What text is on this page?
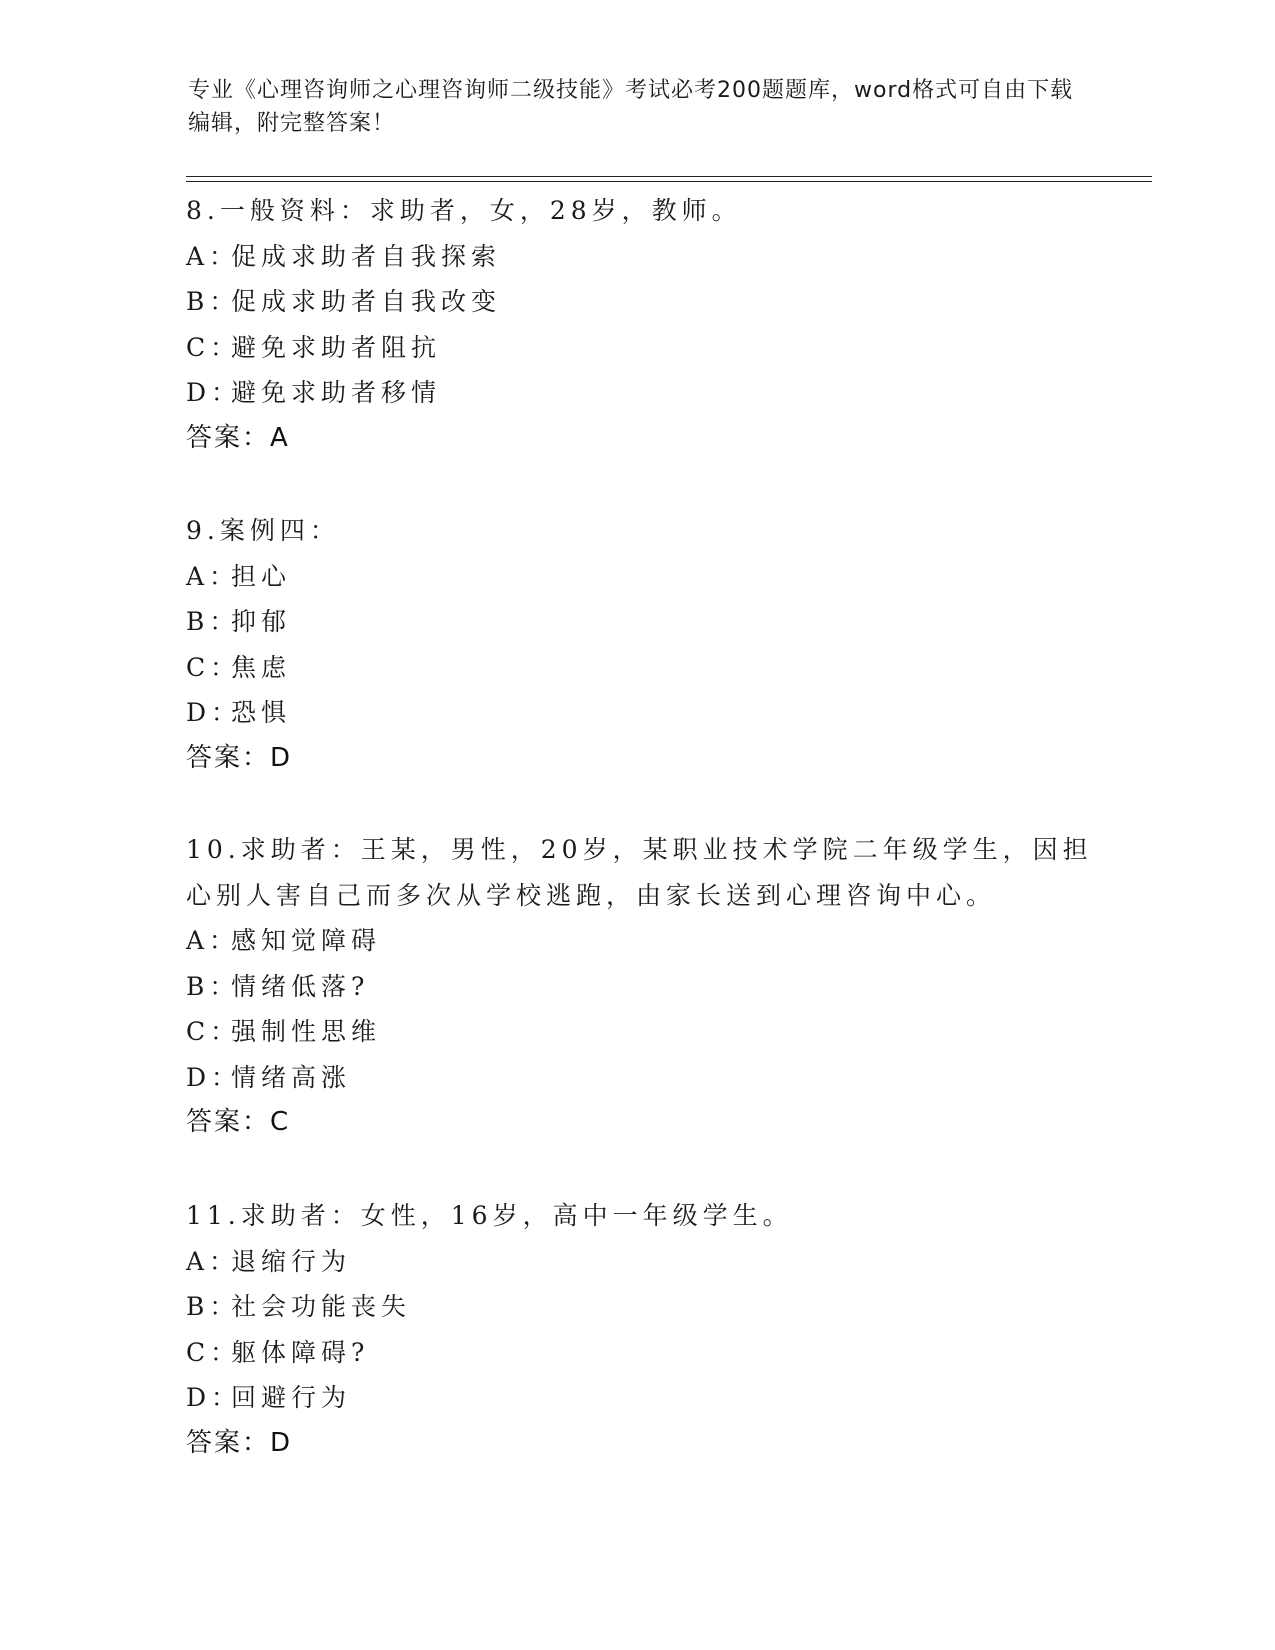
专业《心理咨询师之心理咨询师二级技能》考试必考200题题库，word格式可自由下载编辑，附完整答案！
8.一般资料：求助者，女，28岁，教师。
A：促成求助者自我探索
B：促成求助者自我改变
C：避免求助者阻抗
D：避免求助者移情
答案：A
9.案例四：
A：担心
B：抑郁
C：焦虑
D：恐惧
答案：D
10.求助者：王某，男性，20岁，某职业技术学院二年级学生，因担心别人害自己而多次从学校逃跑，由家长送到心理咨询中心。
A：感知觉障碍
B：情绪低落?
C：强制性思维
D：情绪高涨
答案：C
11.求助者：女性，16岁，高中一年级学生。
A：退缩行为
B：社会功能丧失
C：躯体障碍?
D：回避行为
答案：D
